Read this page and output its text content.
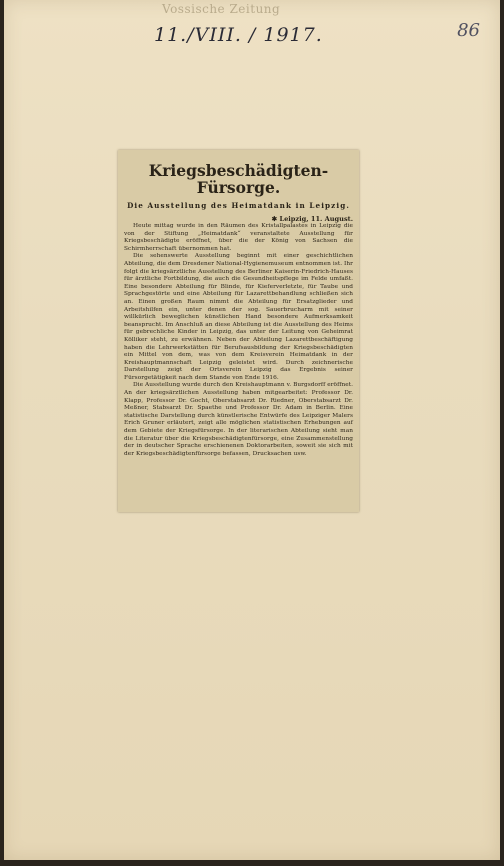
Vossische Zeitung
11./VIII. / 1917.	86
Kriegsbeschädigten-Fürsorge.
Die Ausstellung des Heimatdank in Leipzig.
✱ Leipzig, 11. August.

Heute mittag wurde in den Räumen des Kristallpalastes in Leipzig die von der Stiftung „Heimatdank“ veranstaltete Ausstellung für Kriegsbeschädigte eröffnet, über die der König von Sachsen die Schirmherrschaft übernommen hat.

Die sehenswerte Ausstellung beginnt mit einer geschichtlichen Abteilung, die dem Dresdener National-Hygienemuseum entnommen ist. Ihr folgt die kriegsärztliche Ausstellung des Berliner Kaiserin-Friedrich-Hauses für ärztliche Fortbildung, die auch die Gesundheitspflege im Felde umfaßt. Eine besondere Abteilung für Blinde, für Kieferverletzte, für Taube und Sprachgestörte und eine Abteilung für Lazarettbehandlung schließen sich an. Einen großen Raum nimmt die Abteilung für Ersatzglieder und Arbeitshilfen ein, unter denen der sog. Sauerbrucharm mit seiner willkürlich beweglichen künstlichen Hand besondere Aufmerksamkeit beansprucht. Im Anschluß an diese Abteilung ist die Ausstellung des Heims für gebrechliche Kinder in Leipzig, das unter der Leitung von Geheimrat Kölliker steht, zu erwähnen. Neben der Abteilung Lazarettbeschäftigung haben die Lehrwerkstätten für Berufsausbildung der Kriegsbeschädigten ein Mittel von dem, was von dem Kreisverein Heimatdank in der Kreishauptmannschaft Leipzig geleistet wird. Durch zeichnerische Darstellung zeigt der Ortsverein Leipzig das Ergebnis seiner Fürsorgetätigkeit nach dem Stande von Ende 1916.

Die Ausstellung wurde durch den Kreishauptmann v. Burgsdorff eröffnet. An der kriegsärztlichen Ausstellung haben mitgearbeitet: Professor Dr. Klapp, Professor Dr. Gocht, Oberstabsarzt Dr. Riedner, Oberstabsarzt Dr. Meßner, Stabsarzt Dr. Spaethe und Professor Dr. Adam in Berlin. Eine statistische Darstellung durch künstlerische Entwürfe des Leipziger Malers Erich Gruner erläutert, zeigt alle möglichen statistischen Erhebungen auf dem Gebiete der Kriegsfürsorge. In der literarischen Abteilung sieht man die Literatur über die Kriegsbeschädigtenfürsorge, eine Zusammenstellung der in deutscher Sprache erschienenen Doktorarbeiten, soweit sie sich mit der Kriegsbeschädigtenfürsorge befassen, Drucksachen usw.
